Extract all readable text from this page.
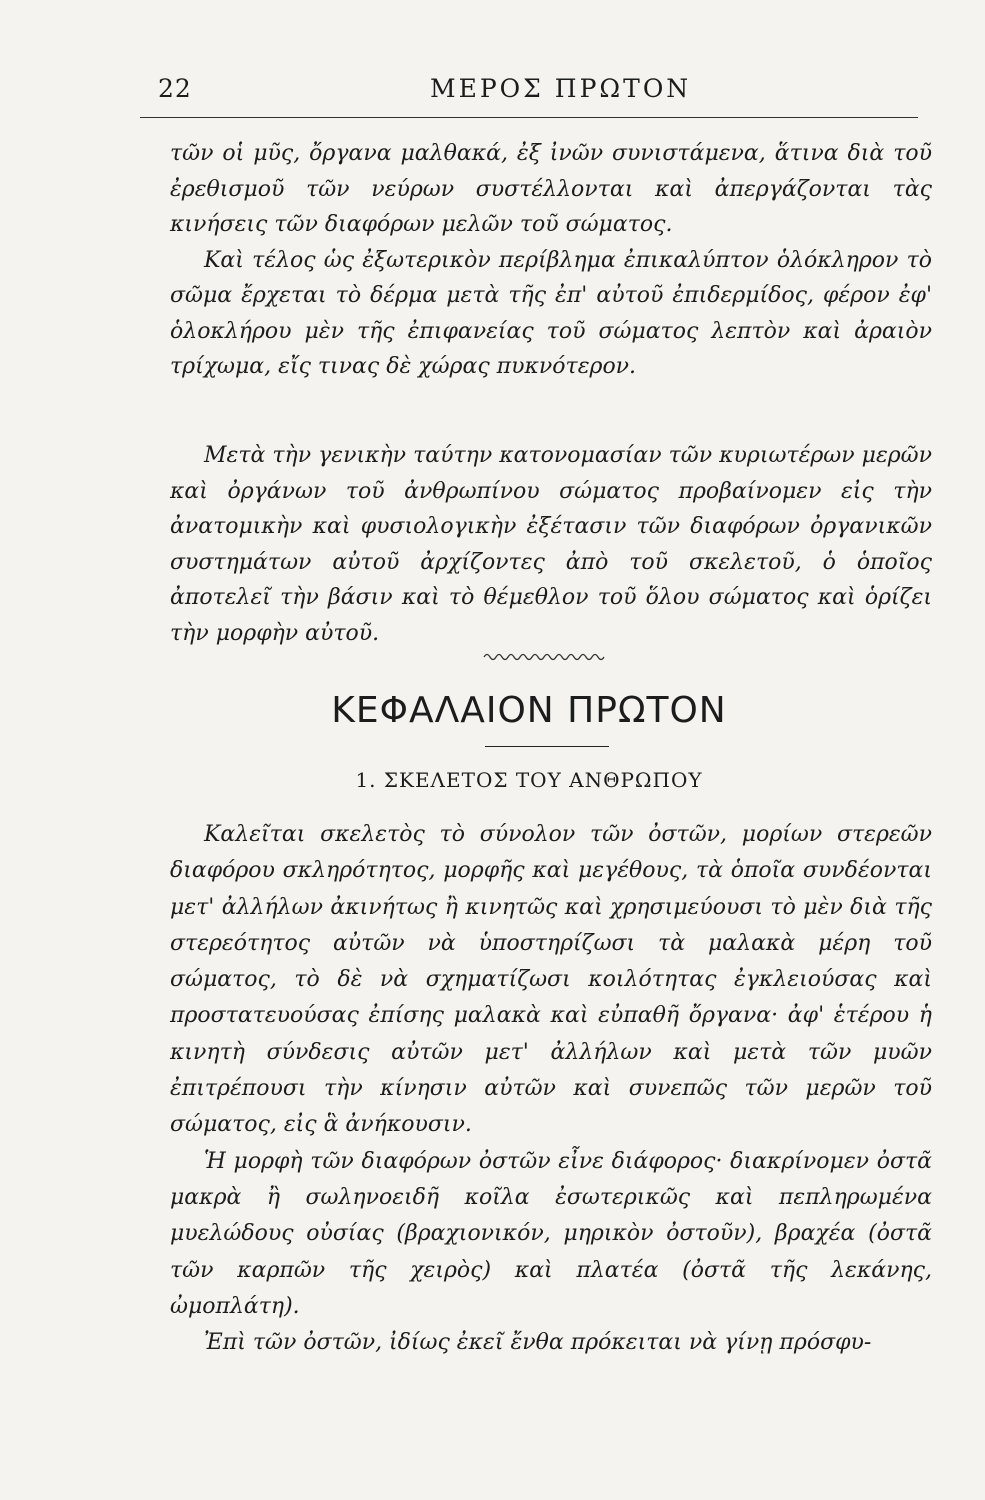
22	ΜΕΡΟΣ ΠΡΩΤΟΝ

τῶν οἱ μῦς, ὄργανα μαλθακά, ἐξ ἰνῶν συνιστάμενα, ἅτινα διὰ τοῦ ἐρεθισμοῦ τῶν νεύρων συστέλλονται καὶ ἀπεργάζονται τὰς κινήσεις τῶν διαφόρων μελῶν τοῦ σώματος.

Καὶ τέλος ὡς ἐξωτερικὸν περίβλημα ἐπικαλύπτον ὁλόκληρον τὸ σῶμα ἔρχεται τὸ δέρμα μετὰ τῆς ἐπ' αὐτοῦ ἐπιδερμίδος, φέρον ἐφ' ὁλοκλήρου μὲν τῆς ἐπιφανείας τοῦ σώματος λεπτὸν καὶ ἀραιὸν τρίχωμα, εἴς τινας δὲ χώρας πυκνότερον.

Μετὰ τὴν γενικὴν ταύτην κατονομασίαν τῶν κυριωτέρων μερῶν καὶ ὀργάνων τοῦ ἀνθρωπίνου σώματος προβαίνομεν εἰς τὴν ἀνατομικὴν καὶ φυσιολογικὴν ἐξέτασιν τῶν διαφόρων ὀργανικῶν συστημάτων αὐτοῦ ἀρχίζοντες ἀπὸ τοῦ σκελετοῦ, ὁ ὁποῖος ἀποτελεῖ τὴν βάσιν καὶ τὸ θέμεθλον τοῦ ὅλου σώματος καὶ ὁρίζει τὴν μορφὴν αὐτοῦ.

ΚΕΦΑΛΑΙΟΝ ΠΡΩΤΟΝ
1. ΣΚΕΛΕΤΟΣ ΤΟΥ ΑΝΘΡΩΠΟΥ

Καλεῖται σκελετὸς τὸ σύνολον τῶν ὀστῶν, μορίων στερεῶν διαφόρου σκληρότητος, μορφῆς καὶ μεγέθους, τὰ ὁποῖα συνδέονται μετ' ἀλλήλων ἀκινήτως ἢ κινητῶς καὶ χρησιμεύουσι τὸ μὲν διὰ τῆς στερεότητος αὐτῶν νὰ ὑποστηρίζωσι τὰ μαλακὰ μέρη τοῦ σώματος, τὸ δὲ νὰ σχηματίζωσι κοιλότητας ἐγκλειούσας καὶ προστατευούσας ἐπίσης μαλακὰ καὶ εὐπαθῆ ὄργανα· ἀφ' ἑτέρου ἡ κινητὴ σύνδεσις αὐτῶν μετ' ἀλλήλων καὶ μετὰ τῶν μυῶν ἐπιτρέπουσι τὴν κίνησιν αὐτῶν καὶ συνεπῶς τῶν μερῶν τοῦ σώματος, εἰς ἃ ἀνήκουσιν.

Ἡ μορφὴ τῶν διαφόρων ὀστῶν εἶνε διάφορος· διακρίνομεν ὀστᾶ μακρὰ ἢ σωληνοειδῆ κοῖλα ἐσωτερικῶς καὶ πεπληρωμένα μυελώδους οὐσίας (βραχιονικόν, μηρικὸν ὀστοῦν), βραχέα (ὀστᾶ τῶν καρπῶν τῆς χειρὸς) καὶ πλατέα (ὀστᾶ τῆς λεκάνης, ὠμοπλάτη).

Ἐπὶ τῶν ὀστῶν, ἰδίως ἐκεῖ ἔνθα πρόκειται νὰ γίνῃ πρόσφυ-
